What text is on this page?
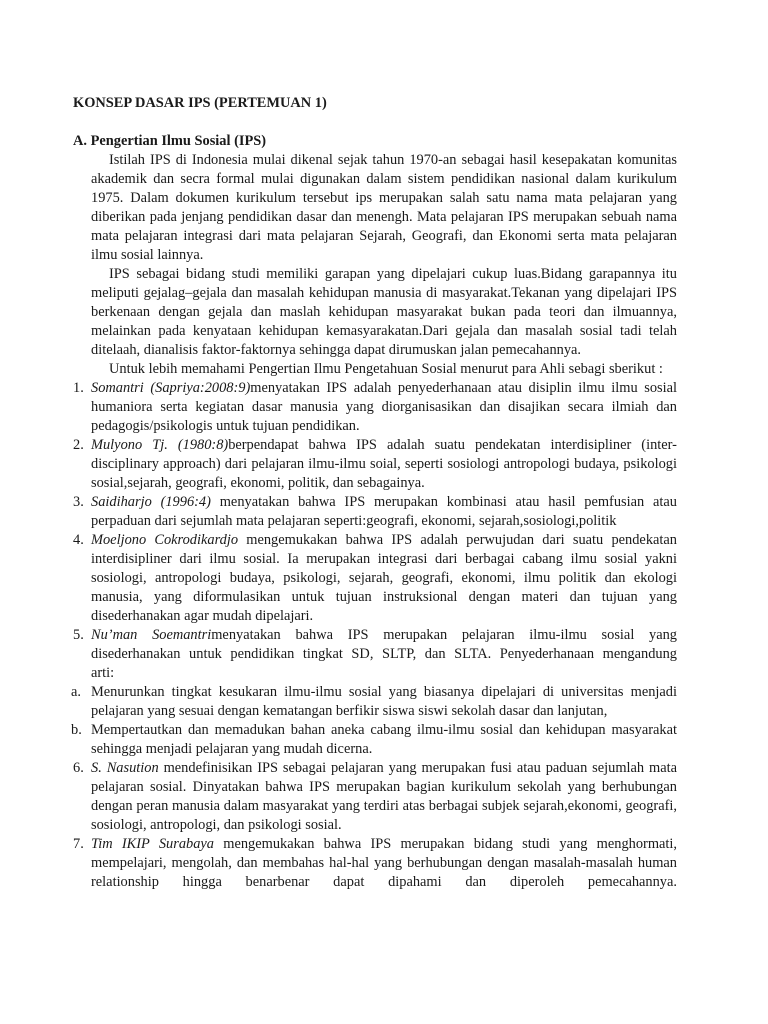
KONSEP DASAR IPS (PERTEMUAN 1)

A. Pengertian Ilmu Sosial (IPS)

Istilah IPS di Indonesia mulai dikenal sejak tahun 1970-an sebagai hasil kesepakatan komunitas akademik dan secra formal mulai digunakan dalam sistem pendidikan nasional dalam kurikulum 1975. Dalam dokumen kurikulum tersebut ips merupakan salah satu nama mata pelajaran yang diberikan pada jenjang pendidikan dasar dan menengh. Mata pelajaran IPS merupakan sebuah nama mata pelajaran integrasi dari mata pelajaran Sejarah, Geografi, dan Ekonomi serta mata pelajaran ilmu sosial lainnya.

IPS sebagai bidang studi memiliki garapan yang dipelajari cukup luas.Bidang garapannya itu meliputi gejalag–gejala dan masalah kehidupan manusia di masyarakat.Tekanan yang dipelajari IPS berkenaan dengan gejala dan maslah kehidupan masyarakat bukan pada teori dan ilmuannya, melainkan pada kenyataan kehidupan kemasyarakatan.Dari gejala dan masalah sosial tadi telah ditelaah, dianalisis faktor-faktornya sehingga dapat dirumuskan jalan pemecahannya.

Untuk lebih memahami Pengertian Ilmu Pengetahuan Sosial menurut para Ahli sebagi sberikut :

1. Somantri (Sapriya:2008:9)menyatakan IPS adalah penyederhanaan atau disiplin ilmu ilmu sosial humaniora serta kegiatan dasar manusia yang diorganisasikan dan disajikan secara ilmiah dan pedagogis/psikologis untuk tujuan pendidikan.
2. Mulyono Tj. (1980:8)berpendapat bahwa IPS adalah suatu pendekatan interdisipliner (inter-disciplinary approach) dari pelajaran ilmu-ilmu soial, seperti sosiologi antropologi budaya, psikologi sosial,sejarah, geografi, ekonomi, politik, dan sebagainya.
3. Saidiharjo (1996:4) menyatakan bahwa IPS merupakan kombinasi atau hasil pemfusian atau perpaduan dari sejumlah mata pelajaran seperti:geografi, ekonomi, sejarah,sosiologi,politik
4. Moeljono Cokrodikardjo mengemukakan bahwa IPS adalah perwujudan dari suatu pendekatan interdisipliner dari ilmu sosial. Ia merupakan integrasi dari berbagai cabang ilmu sosial yakni sosiologi, antropologi budaya, psikologi, sejarah, geografi, ekonomi, ilmu politik dan ekologi manusia, yang diformulasikan untuk tujuan instruksional dengan materi dan tujuan yang disederhanakan agar mudah dipelajari.
5. Nu’man Soemantrimenyatakan bahwa IPS merupakan pelajaran ilmu-ilmu sosial yang disederhanakan untuk pendidikan tingkat SD, SLTP, dan SLTA. Penyederhanaan mengandung arti:
a. Menurunkan tingkat kesukaran ilmu-ilmu sosial yang biasanya dipelajari di universitas menjadi pelajaran yang sesuai dengan kematangan berfikir siswa siswi sekolah dasar dan lanjutan,
b. Mempertautkan dan memadukan bahan aneka cabang ilmu-ilmu sosial dan kehidupan masyarakat sehingga menjadi pelajaran yang mudah dicerna.
6. S. Nasution mendefinisikan IPS sebagai pelajaran yang merupakan fusi atau paduan sejumlah mata pelajaran sosial. Dinyatakan bahwa IPS merupakan bagian kurikulum sekolah yang berhubungan dengan peran manusia dalam masyarakat yang terdiri atas berbagai subjek sejarah,ekonomi, geografi, sosiologi, antropologi, dan psikologi sosial.
7. Tim IKIP Surabaya mengemukakan bahwa IPS merupakan bidang studi yang menghormati, mempelajari, mengolah, dan membahas hal-hal yang berhubungan dengan masalah-masalah human relationship hingga benarbenar dapat dipahami dan diperoleh pemecahannya.
